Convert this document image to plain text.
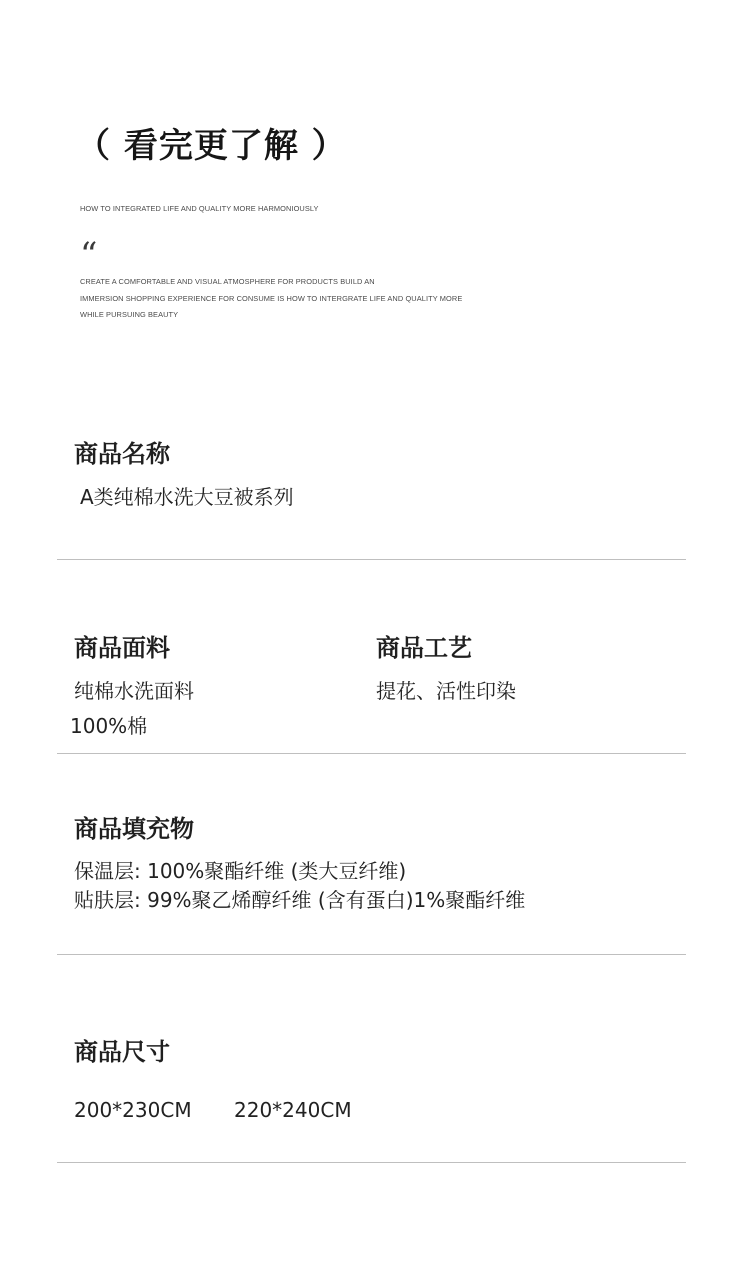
（ 看完更了解 ）
HOW TO INTEGRATED LIFE AND QUALITY MORE HARMONIOUSLY
“
CREATE A COMFORTABLE AND VISUAL ATMOSPHERE FOR PRODUCTS BUILD AN
IMMERSION SHOPPING EXPERIENCE FOR CONSUME IS HOW TO INTERGRATE LIFE AND QUALITY MORE
WHILE PURSUING BEAUTY
商品名称
A类纯棉水洗大豆被系列
商品面料
纯棉水洗面料
100%棉
商品工艺
提花、活性印染
商品填充物
保温层: 100%聚酯纤维 (类大豆纤维)
贴肤层: 99%聚乙烯醇纤维 (含有蛋白)1%聚酯纤维
商品尺寸
200*230CM 220*240CM
